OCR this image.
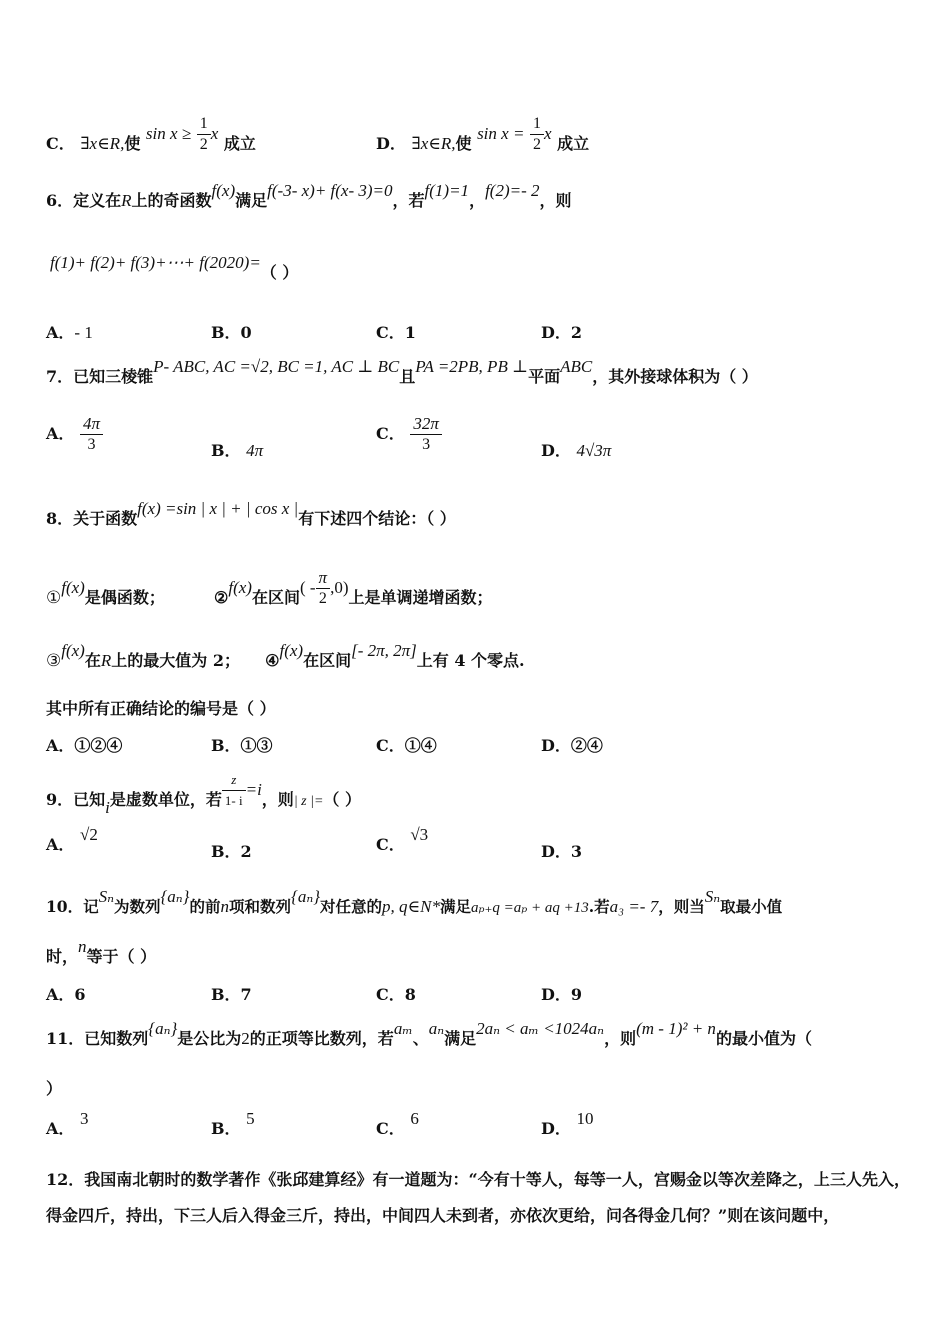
C． ∃x∈R,使 $\sin x \ge \frac{1}{2}$ x 成立	D． ∃x∈R,使 $\sin x = \frac{1}{2}$ x 成立
6．定义在R上的奇函数f(x)满足f(-3- x)+ f(x- 3)=0，若f(1)=1，f(2)=- 2，则
f(1)+ f(2)+ f(3)+⋯+ f(2020)=（ ）
A．- 1	B．0	C．1	D．2
7．已知三棱锥P- ABC, AC =√2, BC =1, AC ⊥ BC且PA =2PB, PB ⊥平面ABC，其外接球体积为（ ）
A． $\frac{4\pi}{3}$	B． 4π
C． $\frac{32\pi}{3}$	D． 4√3π
8．关于函数f(x) =sin | x | + | cos x |有下述四个结论：（ ）
①f(x)是偶函数；	②f(x)在区间( - $\frac{\pi}{2} ,0$)上是单调递增函数；
③f(x)在R上的最大值为 2； ④f(x)在区间[- 2π, 2π]上有 4 个零点.
其中所有正确结论的编号是（ ）
A．①②④	B．①③	C．①④	D．②④
9．已知i是虚数单位，若 $\frac{z}{1- i} =i$，则| z |=（ ）
A． √2
B．2	C． √3
D．3
10．记Sₙ为数列{aₙ}的前n项和数列{aₙ}对任意的p, q∈N*满足aₚ₊q =aₚ + aq +13.若a₃ =- 7，则当Sₙ取最小值
时，n等于（ ）
A．6	B．7	C．8	D．9
11．已知数列{aₙ}是公比为2的正项等比数列，若aₘ、aₙ满足2aₙ < aₘ <1024aₙ，则(m - 1)² + n的最小值为（
）
A． 3
B． 5
C． 6
D． 10
12．我国南北朝时的数学著作《张邱建算经》有一道题为：“今有十等人，每等一人，宫赐金以等次差降之，上三人先入，得金四斤，持出，下三人后入得金三斤，持出，中间四人未到者，亦依次更给，问各得金几何？”则在该问题中，
